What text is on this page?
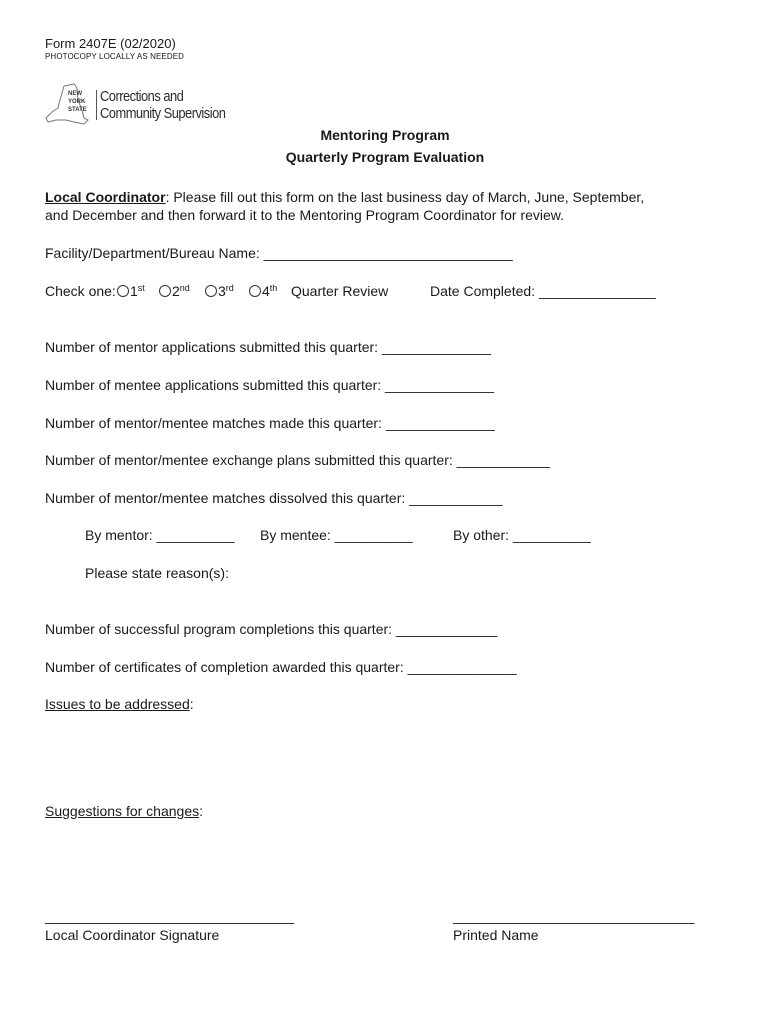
Form 2407E (02/2020)
PHOTOCOPY LOCALLY AS NEEDED
NEW
YORK
STATE
Corrections and
Community Supervision
Mentoring Program
Quarterly Program Evaluation
Local Coordinator: Please fill out this form on the last business day of March, June, September,
and December and then forward it to the Mentoring Program Coordinator for review.
Facility/Department/Bureau Name: ________________________________
Check one:	1st	2nd	3rd	4th Quarter Review	Date Completed: _______________
Number of mentor applications submitted this quarter: ______________
Number of mentee applications submitted this quarter: ______________
Number of mentor/mentee matches made this quarter: ______________
Number of mentor/mentee exchange plans submitted this quarter: ____________
Number of mentor/mentee matches dissolved this quarter: ____________
By mentor: __________ By mentee: __________	By other: __________
Please state reason(s):
Number of successful program completions this quarter: _____________
Number of certificates of completion awarded this quarter: ______________
Issues to be addressed:
Suggestions for changes:
________________________________
Local Coordinator Signature
_______________________________
Printed Name
